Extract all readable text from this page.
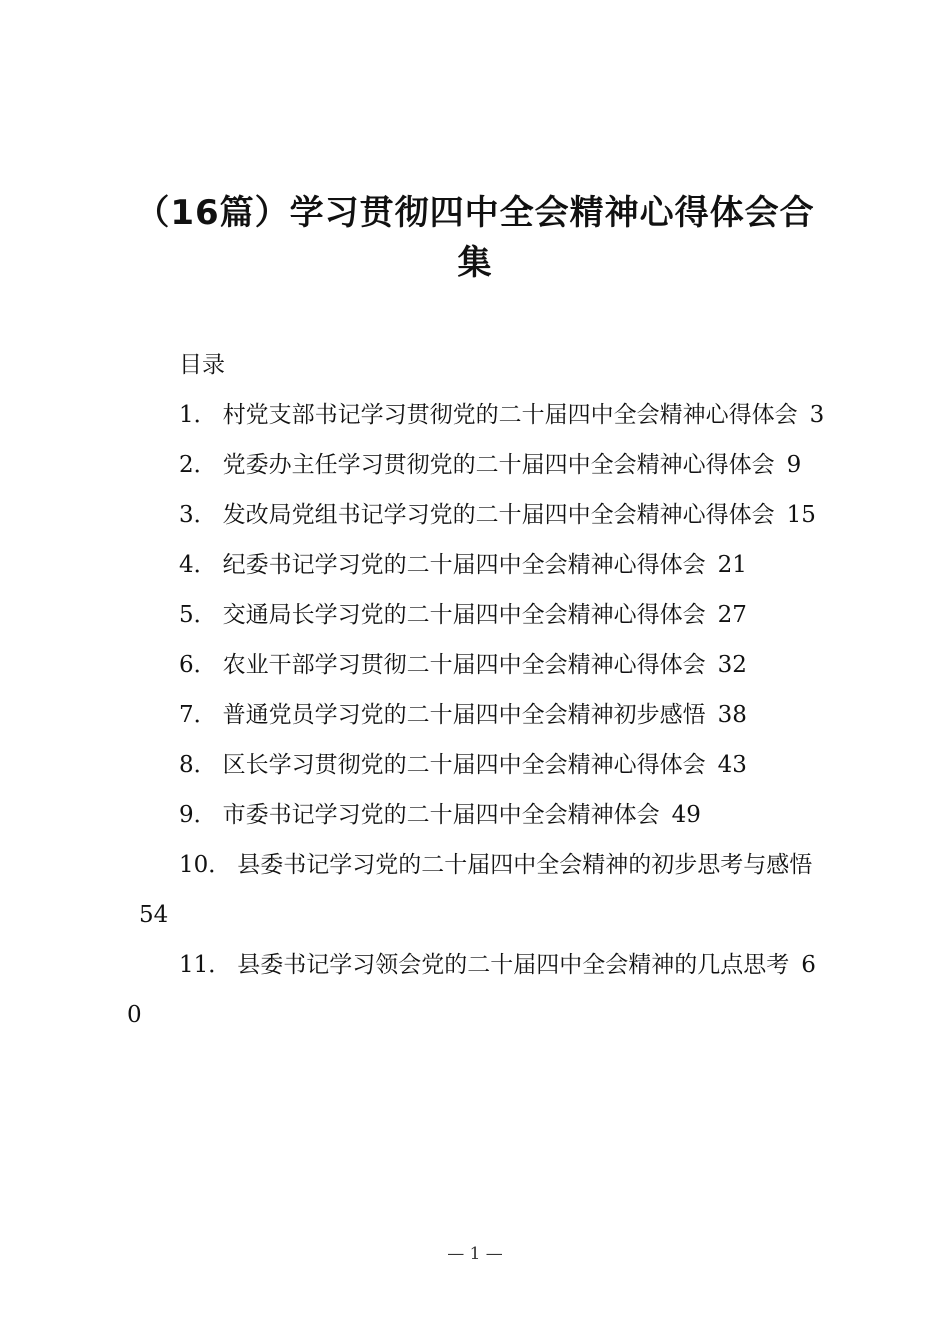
（16篇）学习贯彻四中全会精神心得体会合集
目录
1． 村党支部书记学习贯彻党的二十届四中全会精神心得体会 3
2． 党委办主任学习贯彻党的二十届四中全会精神心得体会 9
3． 发改局党组书记学习党的二十届四中全会精神心得体会 15
4． 纪委书记学习党的二十届四中全会精神心得体会 21
5． 交通局长学习党的二十届四中全会精神心得体会 27
6． 农业干部学习贯彻二十届四中全会精神心得体会 32
7． 普通党员学习党的二十届四中全会精神初步感悟 38
8． 区长学习贯彻党的二十届四中全会精神心得体会 43
9． 市委书记学习党的二十届四中全会精神体会 49
10． 县委书记学习党的二十届四中全会精神的初步思考与感悟54
11． 县委书记学习领会党的二十届四中全会精神的几点思考 60
— 1 —
